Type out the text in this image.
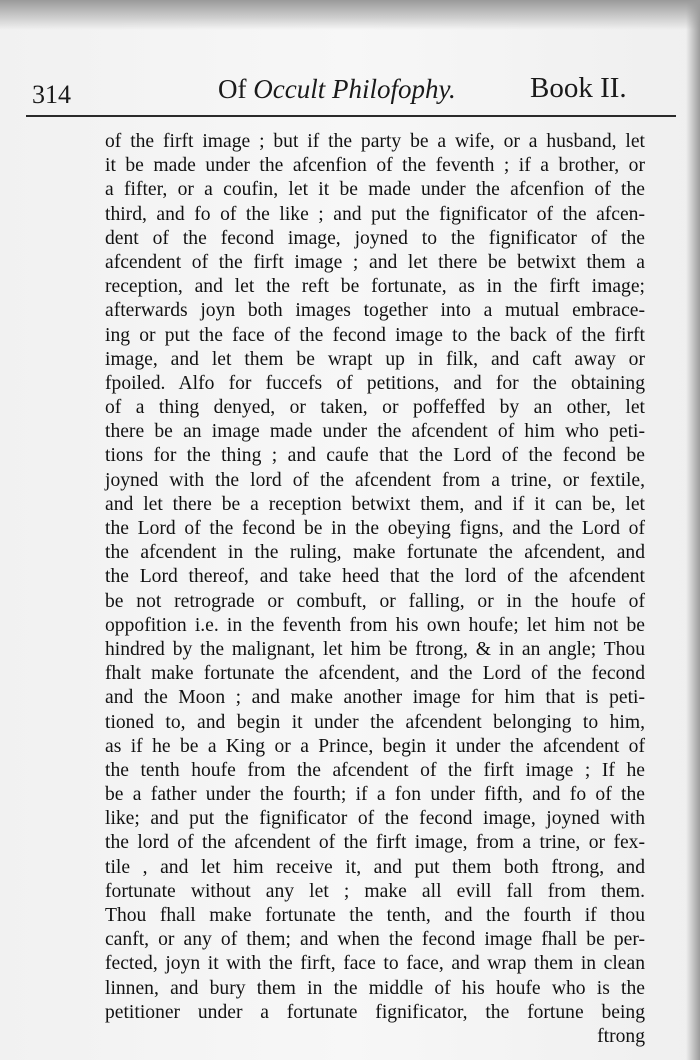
314	Of Occult Philofophy.	Book II.
of the firft image ; but if the party be a wife, or a husband, let
it be made under the afcenfion of the feventh ; if a brother, or
a fifter, or a coufin, let it be made under the afcenfion of the
third, and fo of the like ; and put the fignificator of the afcen-
dent of the fecond image, joyned to the fignificator of the
afcendent of the firft image ; and let there be betwixt them a
reception, and let the reft be fortunate, as in the firft image;
afterwards joyn both images together into a mutual embrace-
ing or put the face of the fecond image to the back of the firft
image, and let them be wrapt up in filk, and caft away or
fpoiled. Alfo for fuccefs of petitions, and for the obtaining
of a thing denyed, or taken, or poffeffed by an other, let
there be an image made under the afcendent of him who peti-
tions for the thing ; and caufe that the Lord of the fecond be
joyned with the lord of the afcendent from a trine, or fextile,
and let there be a reception betwixt them, and if it can be, let
the Lord of the fecond be in the obeying figns, and the Lord of
the afcendent in the ruling, make fortunate the afcendent, and
the Lord thereof, and take heed that the lord of the afcendent
be not retrograde or combuft, or falling, or in the houfe of
oppofition i.e. in the feventh from his own houfe; let him not be
hindred by the malignant, let him be ftrong, & in an angle; Thou
fhalt make fortunate the afcendent, and the Lord of the fecond
and the Moon ; and make another image for him that is peti-
tioned to, and begin it under the afcendent belonging to him,
as if he be a King or a Prince, begin it under the afcendent of
the tenth houfe from the afcendent of the firft image ; If he
be a father under the fourth; if a fon under fifth, and fo of the
like; and put the fignificator of the fecond image, joyned with
the lord of the afcendent of the firft image, from a trine, or fex-
tile , and let him receive it, and put them both ftrong, and
fortunate without any let ; make all evill fall from them.
Thou fhall make fortunate the tenth, and the fourth if thou
canft, or any of them; and when the fecond image fhall be per-
fected, joyn it with the firft, face to face, and wrap them in clean
linnen, and bury them in the middle of his houfe who is the
petitioner under a fortunate fignificator, the fortune being
ftrong
